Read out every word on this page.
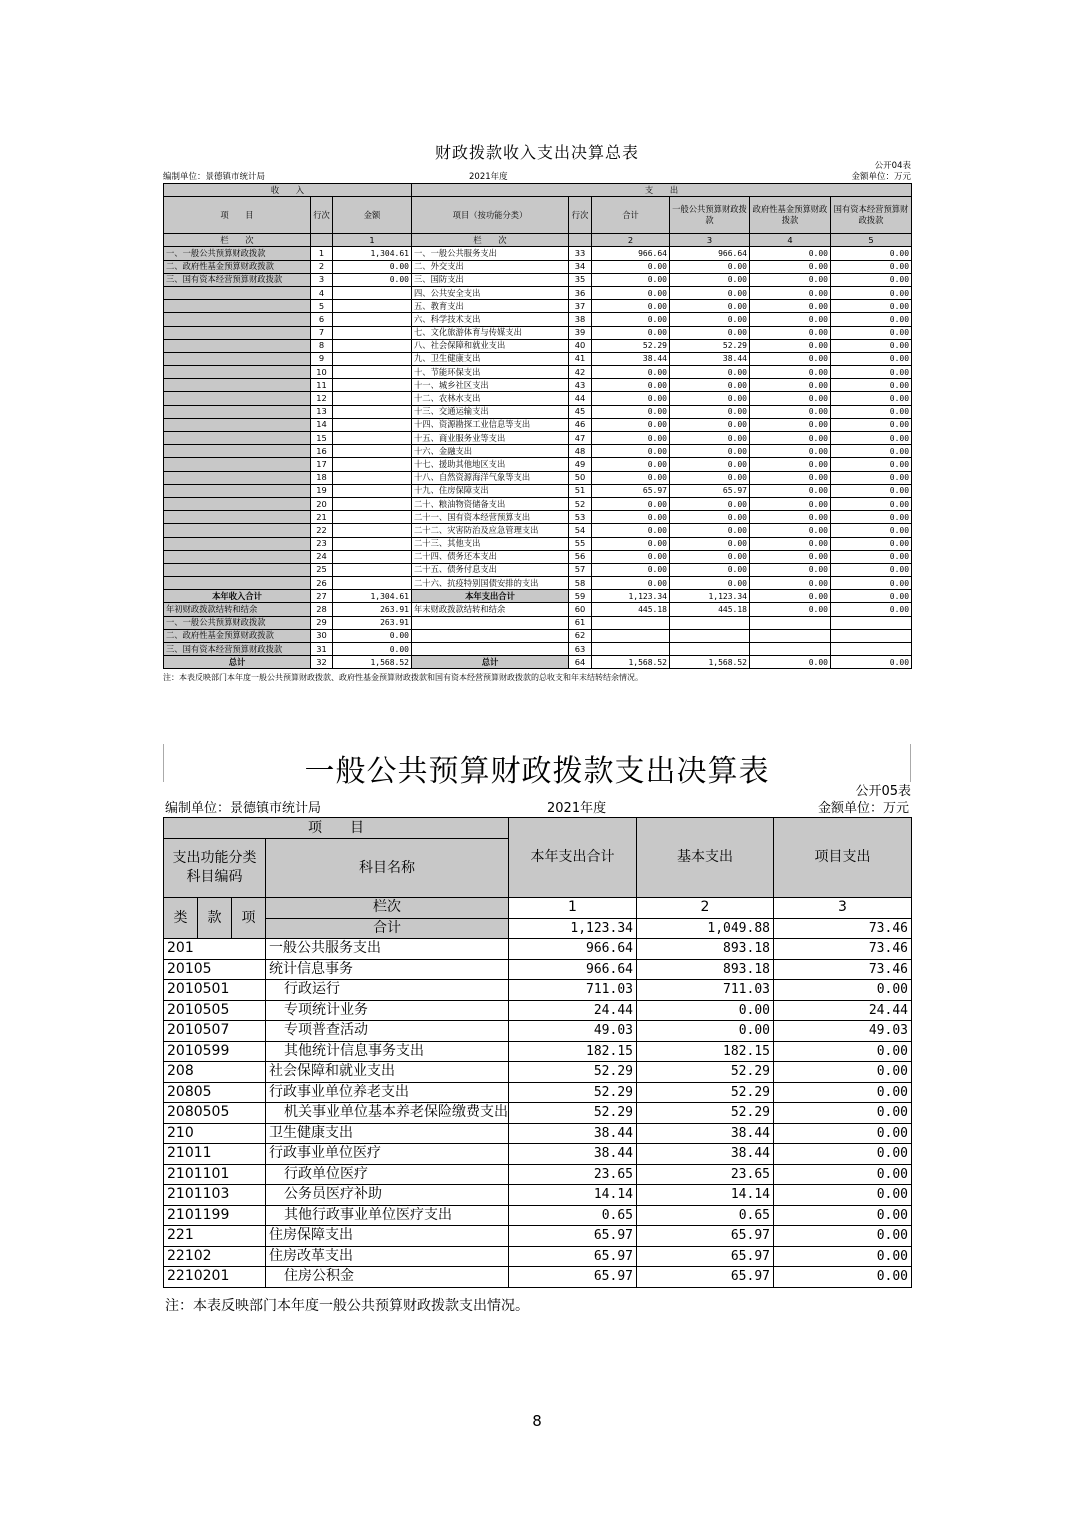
财政拨款收入支出决算总表
公开04表
编制单位：景德镇市统计局	2021年度	金额单位：万元
收　　入			支　　出					
项　　目	行次	金额	项目（按功能分类）	行次	合计	一般公共预算财政拨款	政府性基金预算财政拨款	国有资本经营预算财政拨款
栏　　次		1	栏　　次		2	3	4	5
一、一般公共预算财政拨款	1	1,304.61	一、一般公共服务支出	33	966.64	966.64	0.00	0.00
二、政府性基金预算财政拨款	2	0.00	二、外交支出	34	0.00	0.00	0.00	0.00
三、国有资本经营预算财政拨款	3	0.00	三、国防支出	35	0.00	0.00	0.00	0.00
	4		四、公共安全支出	36	0.00	0.00	0.00	0.00
	5		五、教育支出	37	0.00	0.00	0.00	0.00
	6		六、科学技术支出	38	0.00	0.00	0.00	0.00
	7		七、文化旅游体育与传媒支出	39	0.00	0.00	0.00	0.00
	8		八、社会保障和就业支出	40	52.29	52.29	0.00	0.00
	9		九、卫生健康支出	41	38.44	38.44	0.00	0.00
	10		十、节能环保支出	42	0.00	0.00	0.00	0.00
	11		十一、城乡社区支出	43	0.00	0.00	0.00	0.00
	12		十二、农林水支出	44	0.00	0.00	0.00	0.00
	13		十三、交通运输支出	45	0.00	0.00	0.00	0.00
	14		十四、资源勘探工业信息等支出	46	0.00	0.00	0.00	0.00
	15		十五、商业服务业等支出	47	0.00	0.00	0.00	0.00
	16		十六、金融支出	48	0.00	0.00	0.00	0.00
	17		十七、援助其他地区支出	49	0.00	0.00	0.00	0.00
	18		十八、自然资源海洋气象等支出	50	0.00	0.00	0.00	0.00
	19		十九、住房保障支出	51	65.97	65.97	0.00	0.00
	20		二十、粮油物资储备支出	52	0.00	0.00	0.00	0.00
	21		二十一、国有资本经营预算支出	53	0.00	0.00	0.00	0.00
	22		二十二、灾害防治及应急管理支出	54	0.00	0.00	0.00	0.00
	23		二十三、其他支出	55	0.00	0.00	0.00	0.00
	24		二十四、债务还本支出	56	0.00	0.00	0.00	0.00
	25		二十五、债务付息支出	57	0.00	0.00	0.00	0.00
	26		二十六、抗疫特别国债安排的支出	58	0.00	0.00	0.00	0.00
本年收入合计	27	1,304.61	本年支出合计	59	1,123.34	1,123.34	0.00	0.00
年初财政拨款结转和结余	28	263.91	年末财政拨款结转和结余	60	445.18	445.18	0.00	0.00
一、一般公共预算财政拨款	29	263.91		61				
二、政府性基金预算财政拨款	30	0.00		62				
三、国有资本经营预算财政拨款	31	0.00		63				
总计	32	1,568.52	总计	64	1,568.52	1,568.52	0.00	0.00
注：本表反映部门本年度一般公共预算财政拨款、政府性基金预算财政拨款和国有资本经营预算财政拨款的总收支和年末结转结余情况。
一般公共预算财政拨款支出决算表
公开05表
编制单位：景德镇市统计局	2021年度	金额单位：万元
项　　目				本年支出合计	基本支出	项目支出
支出功能分类科目编码			科目名称			

类	款	项	栏次	1	2	3
			合计	1,123.34	1,049.88	73.46
201			一般公共服务支出	966.64	893.18	73.46
20105			统计信息事务	966.64	893.18	73.46
2010501			行政运行	711.03	711.03	0.00
2010505			专项统计业务	24.44	0.00	24.44
2010507			专项普查活动	49.03	0.00	49.03
2010599			其他统计信息事务支出	182.15	182.15	0.00
208			社会保障和就业支出	52.29	52.29	0.00
20805			行政事业单位养老支出	52.29	52.29	0.00
2080505			机关事业单位基本养老保险缴费支出	52.29	52.29	0.00
210			卫生健康支出	38.44	38.44	0.00
21011			行政事业单位医疗	38.44	38.44	0.00
2101101			行政单位医疗	23.65	23.65	0.00
2101103			公务员医疗补助	14.14	14.14	0.00
2101199			其他行政事业单位医疗支出	0.65	0.65	0.00
221			住房保障支出	65.97	65.97	0.00
22102			住房改革支出	65.97	65.97	0.00
2210201			住房公积金	65.97	65.97	0.00
注：本表反映部门本年度一般公共预算财政拨款支出情况。
8
